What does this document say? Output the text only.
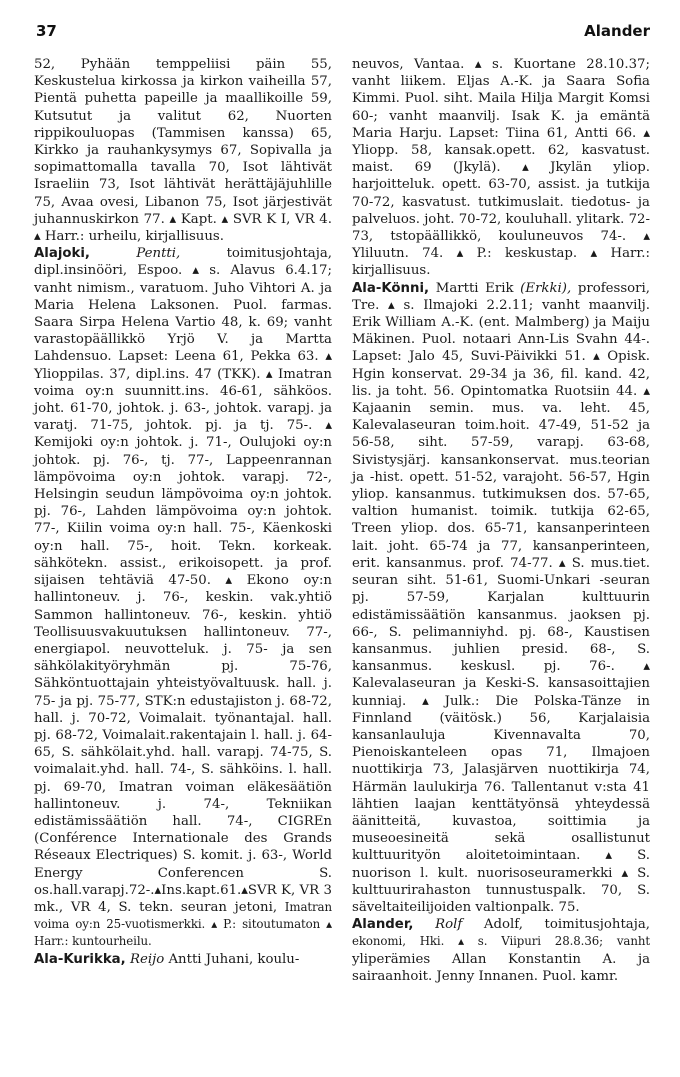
37	Alander

52, Pyhään temppeliisi päin 55, Keskustelua kirkossa ja kirkon vaiheilla 57, Pientä puhetta papeille ja maallikoille 59, Kutsutut ja valitut 62, Nuorten rippikouluopas (Tammisen kanssa) 65, Kirkko ja rauhankysymys 67, Sopivalla ja sopimattomalla tavalla 70, Isot lähtivät Israeliin 73, Isot lähtivät herättäjäjuhlille 75, Avaa ovesi, Libanon 75, Isot järjestivät juhannuskirkon 77. ▴ Kapt. ▴ SVR K I, VR 4. ▴ Harr.: urheilu, kirjallisuus.

Alajoki,	Pentti,	toimitusjohtaja, dipl.insinööri, Espoo. ▴ s. Alavus 6.4.17; vanht nimism., varatuom. Juho Vihtori A. ja Maria Helena Laksonen. Puol. farmas. Saara Sirpa Helena Vartio 48, k. 69; vanht varastopäällikkö Yrjö V. ja Martta Lahdensuo. Lapset: Leena 61, Pekka 63. ▴ Ylioppilas. 37, dipl.ins. 47 (TKK). ▴ Imatran voima oy:n suunnitt.ins. 46-61, sähköos. joht. 61-70, johtok. j. 63-, johtok. varapj. ja varatj. 71-75, johtok. pj. ja tj. 75-. ▴ Kemijoki oy:n johtok. j. 71-, Oulujoki oy:n johtok. pj. 76-, tj. 77-, Lappeenrannan lämpövoima oy:n johtok. varapj. 72-, Helsingin seudun lämpövoima oy:n johtok. pj. 76-, Lahden lämpövoima oy:n johtok. 77-, Kiilin voima oy:n hall. 75-, Käenkoski oy:n hall. 75-, hoit. Tekn. korkeak. sähkötekn. assist., erikoisopett. ja prof. sijaisen tehtäviä 47-50. ▴ Ekono oy:n hallintoneuv. j. 76-, keskin. vak.yhtiö Sammon hallintoneuv. 76-, keskin. yhtiö Teollisuusvakuutuksen hallintoneuv. 77-, energiapol. neuvotteluk. j. 75- ja sen sähkölakityöryhmän pj. 75-76, Sähköntuottajain yhteistyövaltuusk. hall. j. 75- ja pj. 75-77, STK:n edustajiston j. 68-72, hall. j. 70-72, Voimalait. työnantajal. hall. pj. 68-72, Voimalait.rakentajain l. hall. j. 64-65, S. sähkölait.yhd. hall. varapj. 74-75, S. voimalait.yhd. hall. 74-, S. sähköins. l. hall. pj. 69-70, Imatran voiman eläkesäätiön hallintoneuv. j. 74-, Tekniikan edistämissäätiön hall. 74-, CIGREn (Conférence Internationale des Grands Réseaux Electriques) S. komit. j. 63-, World Energy Conferencen S. os.hall.varapj.72-.▴Ins.kapt.61.▴SVR K, VR 3 mk., VR 4, S. tekn. seuran jetoni, Imatran voima oy:n 25-vuotismerkki. ▴ P.: sitoutumaton ▴ Harr.: kuntourheilu.

Ala-Kurikka, Reijo Antti Juhani, koulu-

neuvos, Vantaa. ▴ s. Kuortane 28.10.37; vanht liikem. Eljas A.-K. ja Saara Sofia Kimmi. Puol. siht. Maila Hilja Margit Komsi 60-; vanht maanvilj. Isak K. ja emäntä Maria Harju. Lapset: Tiina 61, Antti 66. ▴ Yliopp. 58, kansak.opett. 62, kasvatust. maist. 69 (Jkylä). ▴ Jkylän yliop. harjoitteluk. opett. 63-70, assist. ja tutkija 70-72, kasvatust. tutkimuslait. tiedotus- ja palveluos. joht. 70-72, kouluhall. ylitark. 72-73, tstopäällikkö, kouluneuvos 74-. ▴ Yliluutn. 74. ▴ P.: keskustap. ▴ Harr.: kirjallisuus.

Ala-Könni, Martti Erik (Erkki), professori, Tre. ▴ s. Ilmajoki 2.2.11; vanht maanvilj. Erik William A.-K. (ent. Malmberg) ja Maiju Mäkinen. Puol. notaari Ann-Lis Svahn 44-. Lapset: Jalo 45, Suvi-Päivikki 51. ▴ Opisk. Hgin konservat. 29-34 ja 36, fil. kand. 42, lis. ja toht. 56. Opintomatka Ruotsiin 44. ▴ Kajaanin semin. mus. va. leht. 45, Kalevalaseuran toim.hoit. 47-49, 51-52 ja 56-58, siht. 57-59, varapj. 63-68, Sivistysjärj. kansankonservat. mus.teorian ja -hist. opett. 51-52, varajoht. 56-57, Hgin yliop. kansanmus. tutkimuksen dos. 57-65, valtion humanist. toimik. tutkija 62-65, Treen yliop. dos. 65-71, kansanperinteen lait. joht. 65-74 ja 77, kansanperinteen, erit. kansanmus. prof. 74-77. ▴ S. mus.tiet. seuran siht. 51-61, Suomi-Unkari -seuran pj. 57-59, Karjalan kulttuurin edistämissäätiön kansanmus. jaoksen pj. 66-, S. pelimanniyhd. pj. 68-, Kaustisen kansanmus. juhlien presid. 68-, S. kansanmus. keskusl. pj. 76-. ▴ Kalevalaseuran ja Keski-S. kansasoittajien kunniaj. ▴ Julk.: Die Polska-Tänze in Finnland (väitösk.) 56, Karjalaisia kansanlauluja Kivennavalta 70, Pienoiskanteleen opas 71, Ilmajoen nuottikirja 73, Jalasjärven nuottikirja 74, Härmän laulukirja 76. Tallentanut v:sta 41 lähtien laajan kenttätyönsä yhteydessä äänitteitä, kuvastoa, soittimia ja museoesineitä sekä osallistunut kulttuurityön aloitetoimintaan. ▴ S. nuorison l. kult. nuorisoseuramerkki ▴ S. kulttuurirahaston tunnustuspalk. 70, S. säveltaiteilijoiden valtionpalk. 75.

Alander, Rolf Adolf, toimitusjohtaja, ekonomi, Hki. ▴ s. Viipuri 28.8.36; vanht yliperämies Allan Konstantin A. ja sairaanhoit. Jenny Innanen. Puol. kamr.
